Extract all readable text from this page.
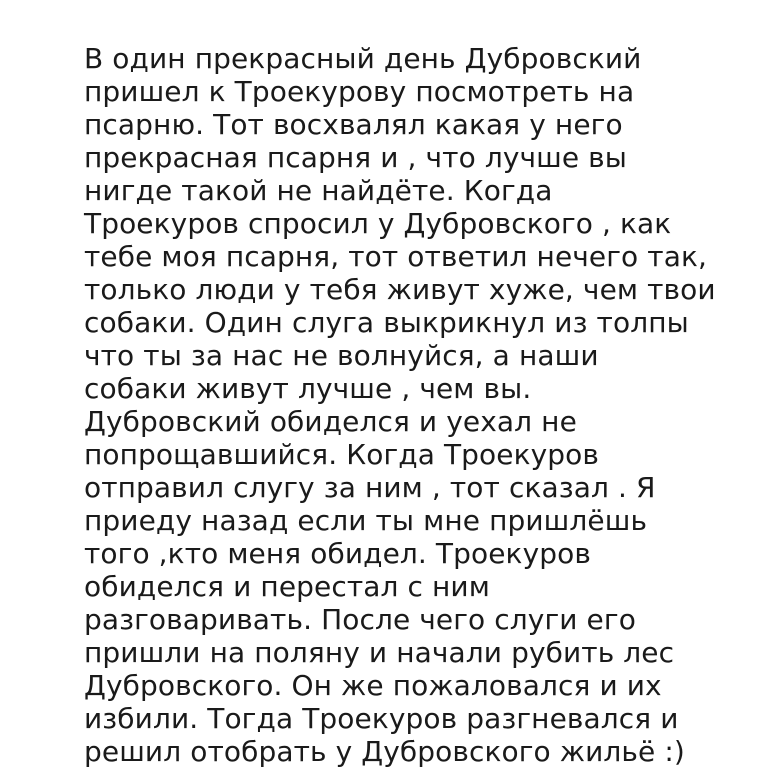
В один прекрасный день Дубровский
пришел к Троекурову посмотреть на
псарню. Тот восхвалял какая у него
прекрасная псарня и , что лучше вы
нигде такой не найдёте. Когда
Троекуров спросил у Дубровского , как
тебе моя псарня, тот ответил нечего так,
только люди у тебя живут хуже, чем твои
собаки. Один слуга выкрикнул из толпы
что ты за нас не волнуйся, а наши
собаки живут лучше , чем вы.
Дубровский обиделся и уехал не
попрощавшийся. Когда Троекуров
отправил слугу за ним , тот сказал . Я
приеду назад если ты мне пришлёшь
того ,кто меня обидел. Троекуров
обиделся и перестал с ним
разговаривать. После чего слуги его
пришли на поляну и начали рубить лес
Дубровского. Он же пожаловался и их
избили. Тогда Троекуров разгневался и
решил отобрать у Дубровского жильё :)
